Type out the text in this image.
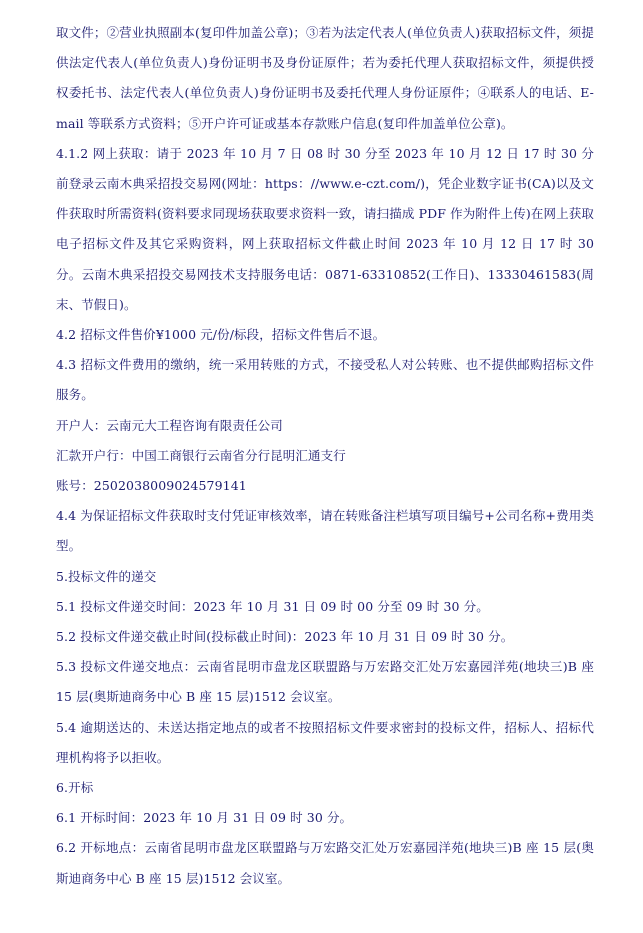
取文件；②营业执照副本(复印件加盖公章)；③若为法定代表人(单位负责人)获取招标文件，须提供法定代表人(单位负责人)身份证明书及身份证原件；若为委托代理人获取招标文件，须提供授权委托书、法定代表人(单位负责人)身份证明书及委托代理人身份证原件；④联系人的电话、E-mail 等联系方式资料；⑤开户许可证或基本存款账户信息(复印件加盖单位公章)。

4.1.2 网上获取：请于 2023 年 10 月 7 日 08 时 30 分至 2023 年 10 月 12 日 17 时 30 分前登录云南木典采招投交易网(网址：https：//www.e-czt.com/)，凭企业数字证书(CA)以及文件获取时所需资料(资料要求同现场获取要求资料一致，请扫描成 PDF 作为附件上传)在网上获取电子招标文件及其它采购资料，网上获取招标文件截止时间 2023 年 10 月 12 日 17 时 30 分。云南木典采招投交易网技术支持服务电话：0871-63310852(工作日)、13330461583(周末、节假日)。

4.2 招标文件售价¥1000 元/份/标段，招标文件售后不退。

4.3 招标文件费用的缴纳，统一采用转账的方式，不接受私人对公转账、也不提供邮购招标文件服务。

开户人：云南元大工程咨询有限责任公司

汇款开户行：中国工商银行云南省分行昆明汇通支行

账号：2502038009024579141

4.4 为保证招标文件获取时支付凭证审核效率，请在转账备注栏填写项目编号+公司名称+费用类型。

5.投标文件的递交

5.1 投标文件递交时间：2023 年 10 月 31 日 09 时 00 分至 09 时 30 分。

5.2 投标文件递交截止时间(投标截止时间)：2023 年 10 月 31 日 09 时 30 分。

5.3 投标文件递交地点：云南省昆明市盘龙区联盟路与万宏路交汇处万宏嘉园洋苑(地块三)B 座 15 层(奥斯迪商务中心 B 座 15 层)1512 会议室。

5.4 逾期送达的、未送达指定地点的或者不按照招标文件要求密封的投标文件，招标人、招标代理机构将予以拒收。

6.开标

6.1 开标时间：2023 年 10 月 31 日 09 时 30 分。

6.2 开标地点：云南省昆明市盘龙区联盟路与万宏路交汇处万宏嘉园洋苑(地块三)B 座 15 层(奥斯迪商务中心 B 座 15 层)1512 会议室。
